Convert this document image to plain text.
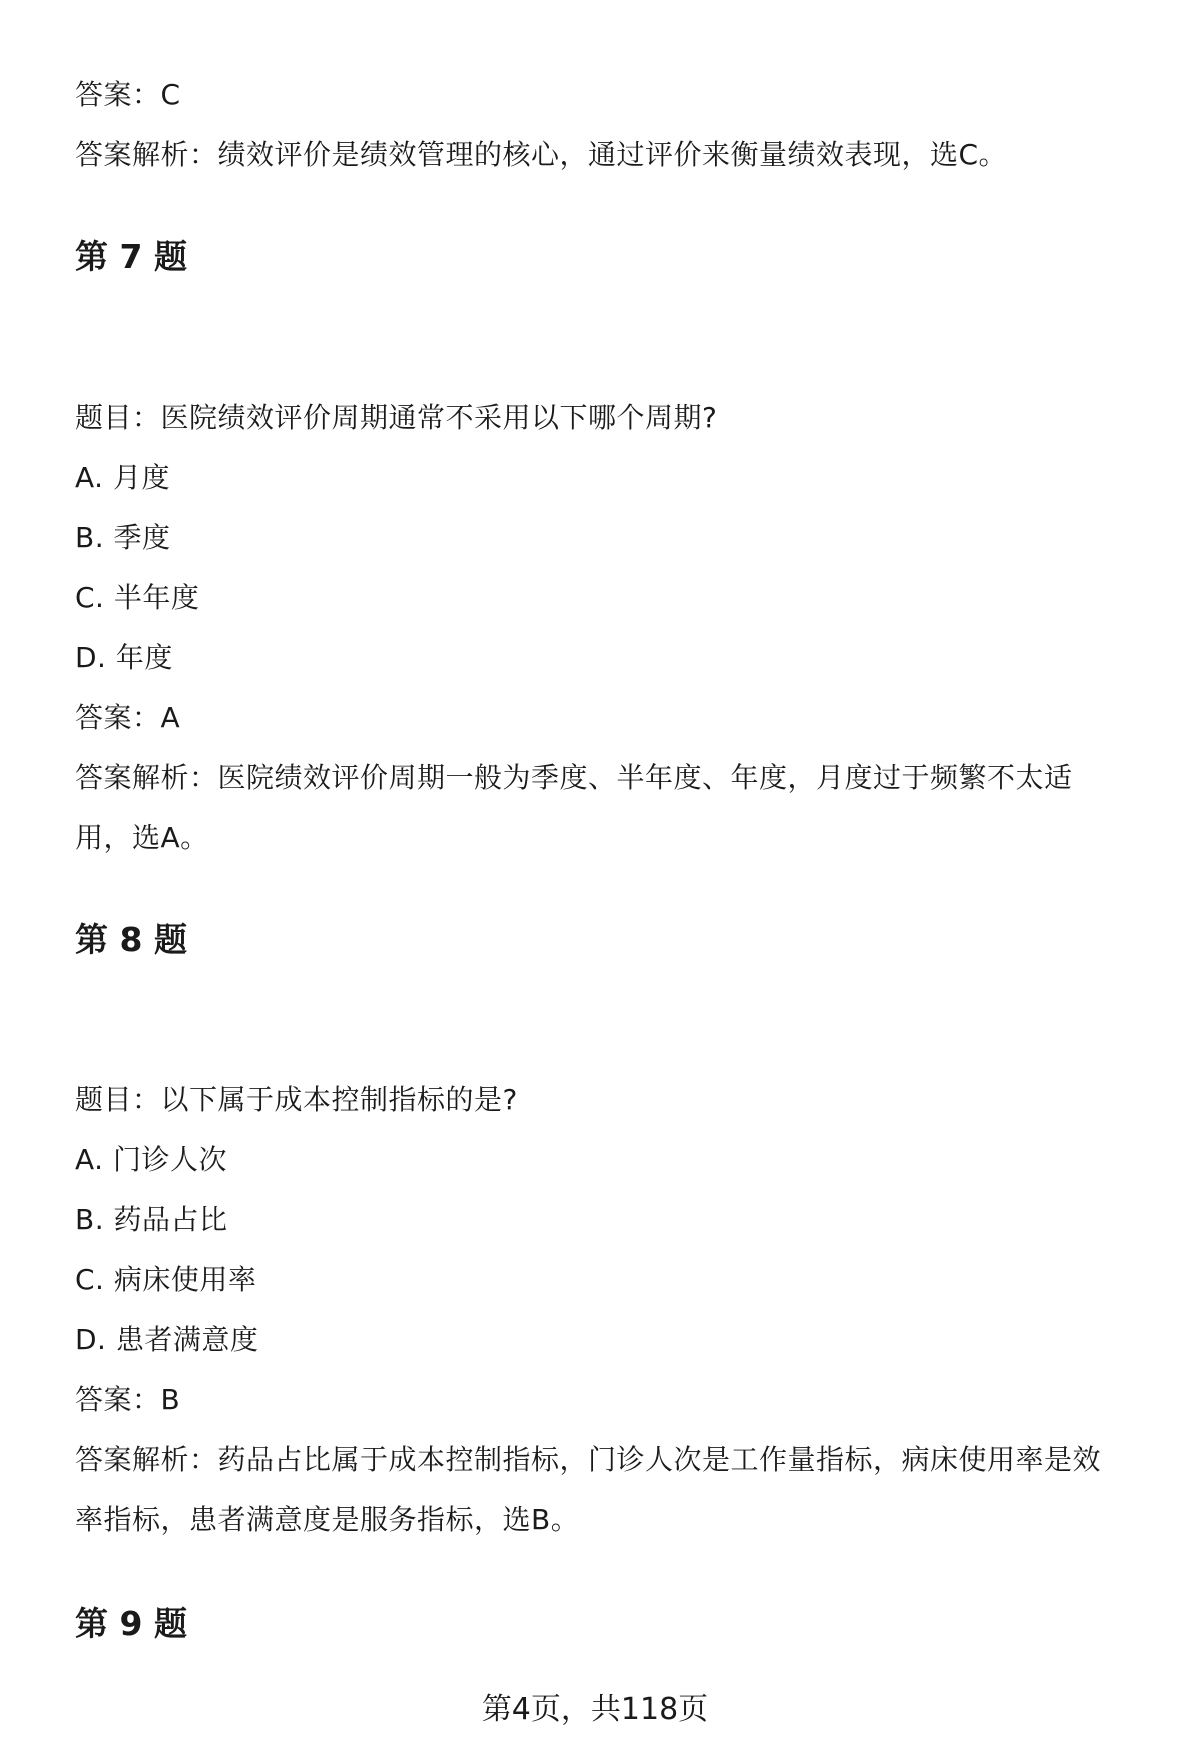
答案：C
答案解析：绩效评价是绩效管理的核心，通过评价来衡量绩效表现，选C。
第 7 题
题目：医院绩效评价周期通常不采用以下哪个周期?
A. 月度
B. 季度
C. 半年度
D. 年度
答案：A
答案解析：医院绩效评价周期一般为季度、半年度、年度，月度过于频繁不太适
用，选A。
第 8 题
题目：以下属于成本控制指标的是?
A. 门诊人次
B. 药品占比
C. 病床使用率
D. 患者满意度
答案：B
答案解析：药品占比属于成本控制指标，门诊人次是工作量指标，病床使用率是效
率指标，患者满意度是服务指标，选B。
第 9 题
第4页，共118页
